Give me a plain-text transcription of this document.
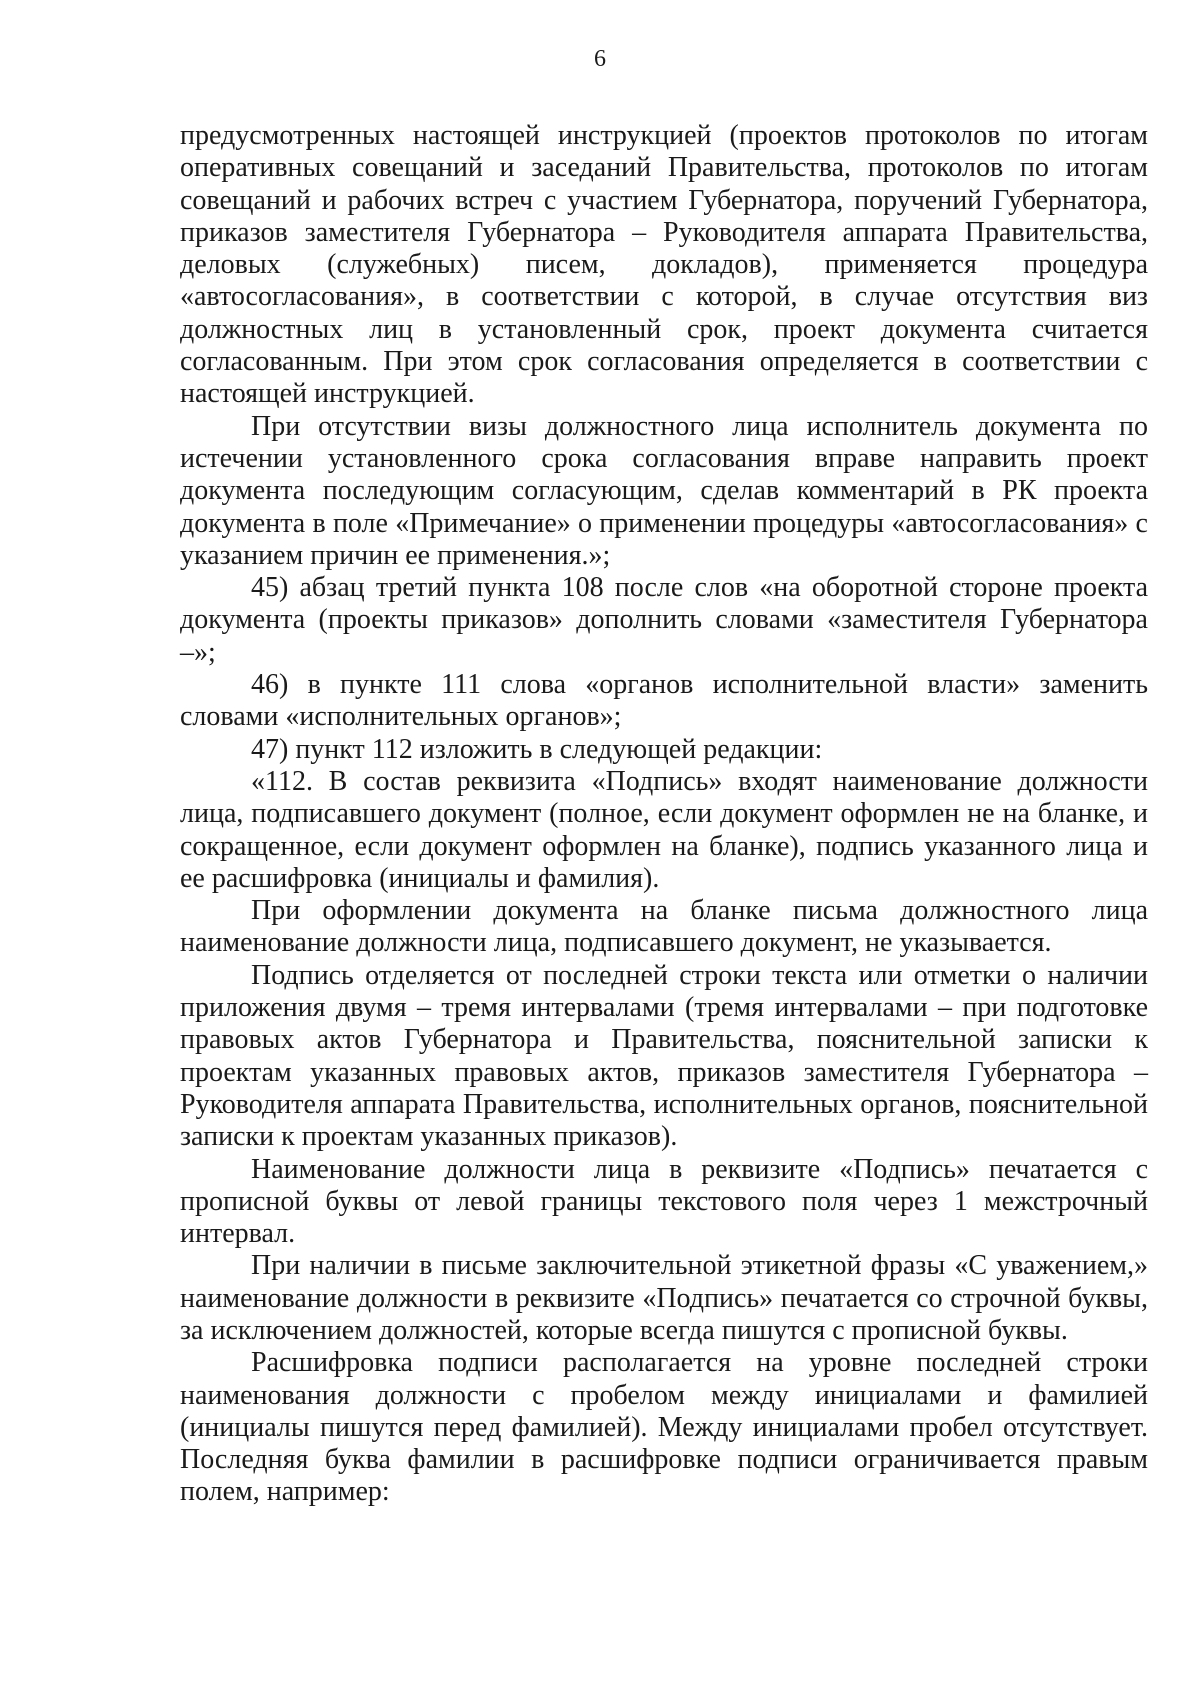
6

предусмотренных настоящей инструкцией (проектов протоколов по итогам оперативных совещаний и заседаний Правительства, протоколов по итогам совещаний и рабочих встреч с участием Губернатора, поручений Губернатора, приказов заместителя Губернатора – Руководителя аппарата Правительства, деловых (служебных) писем, докладов), применяется процедура «автосогласования», в соответствии с которой, в случае отсутствия виз должностных лиц в установленный срок, проект документа считается согласованным. При этом срок согласования определяется в соответствии с настоящей инструкцией.

При отсутствии визы должностного лица исполнитель документа по истечении установленного срока согласования вправе направить проект документа последующим согласующим, сделав комментарий в РК проекта документа в поле «Примечание» о применении процедуры «автосогласования» с указанием причин ее применения.»;

45) абзац третий пункта 108 после слов «на оборотной стороне проекта документа (проекты приказов» дополнить словами «заместителя Губернатора –»;

46) в пункте 111 слова «органов исполнительной власти» заменить словами «исполнительных органов»;

47) пункт 112 изложить в следующей редакции:

«112. В состав реквизита «Подпись» входят наименование должности лица, подписавшего документ (полное, если документ оформлен не на бланке, и сокращенное, если документ оформлен на бланке), подпись указанного лица и ее расшифровка (инициалы и фамилия).

При оформлении документа на бланке письма должностного лица наименование должности лица, подписавшего документ, не указывается.

Подпись отделяется от последней строки текста или отметки о наличии приложения двумя – тремя интервалами (тремя интервалами – при подготовке правовых актов Губернатора и Правительства, пояснительной записки к проектам указанных правовых актов, приказов заместителя Губернатора – Руководителя аппарата Правительства, исполнительных органов, пояснительной записки к проектам указанных приказов).

Наименование должности лица в реквизите «Подпись» печатается с прописной буквы от левой границы текстового поля через 1 межстрочный интервал.

При наличии в письме заключительной этикетной фразы «С уважением,» наименование должности в реквизите «Подпись» печатается со строчной буквы, за исключением должностей, которые всегда пишутся с прописной буквы.

Расшифровка подписи располагается на уровне последней строки наименования должности с пробелом между инициалами и фамилией (инициалы пишутся перед фамилией). Между инициалами пробел отсутствует. Последняя буква фамилии в расшифровке подписи ограничивается правым полем, например:
